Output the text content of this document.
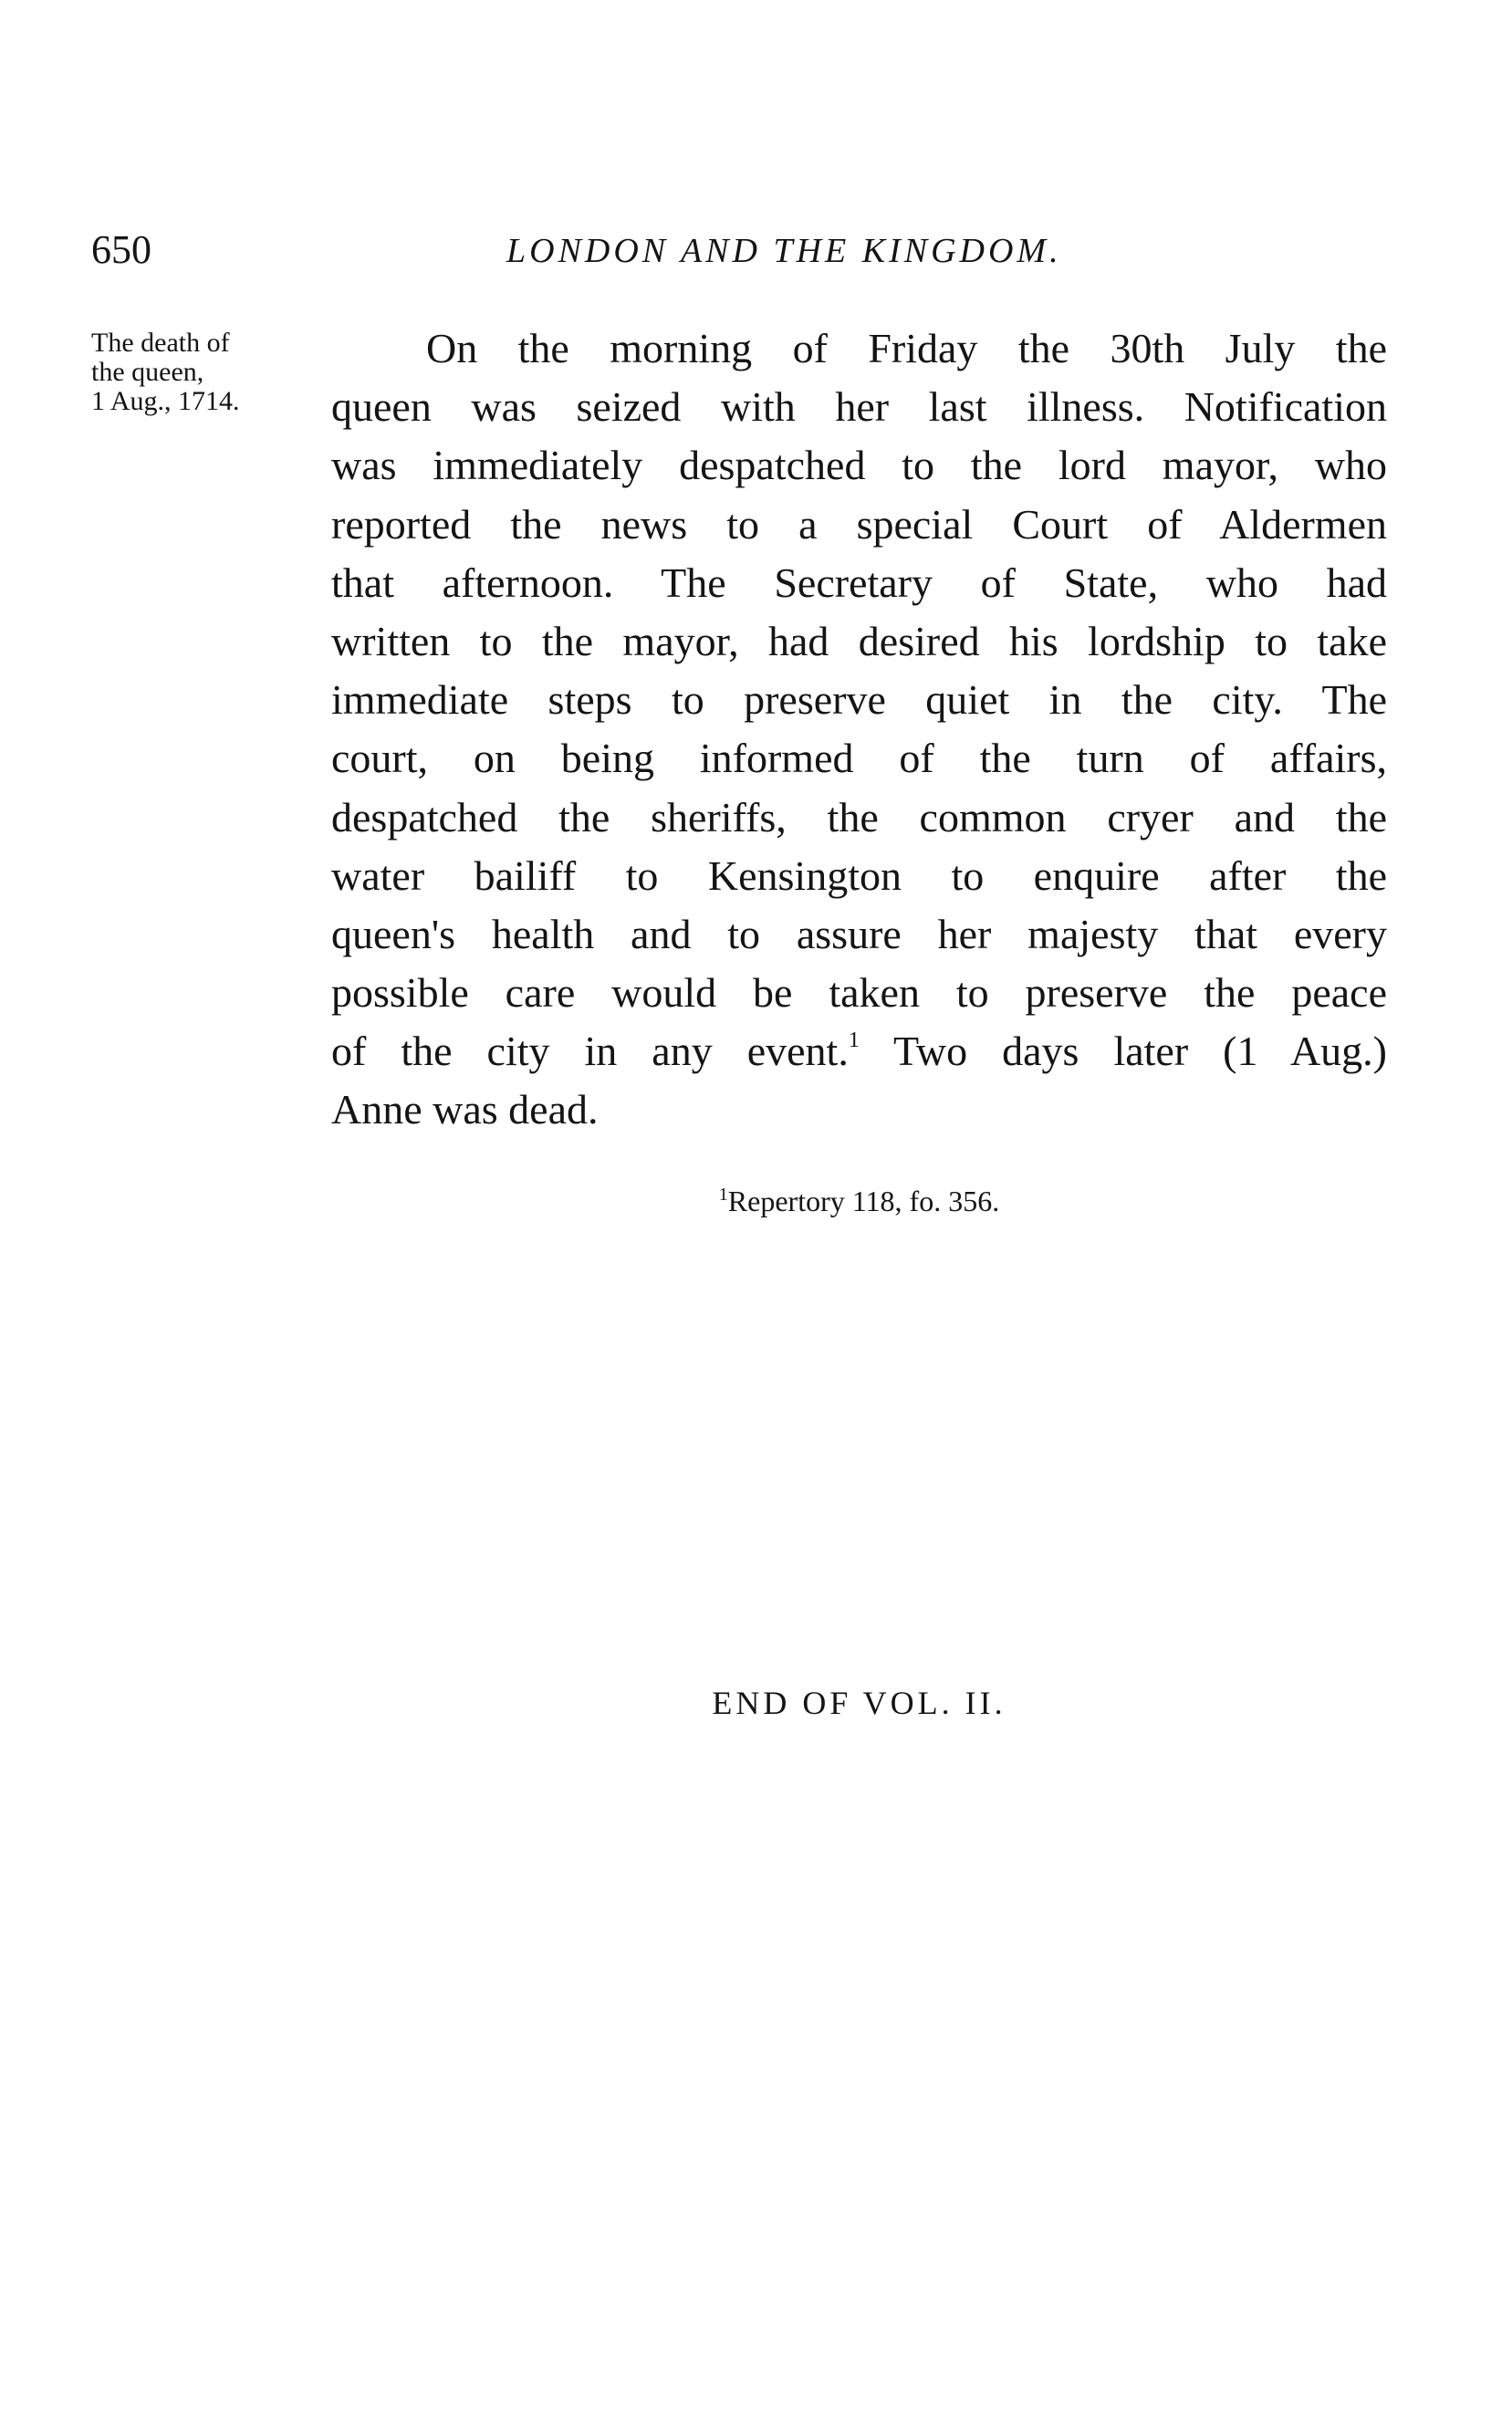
650	LONDON AND THE KINGDOM.
The death of
the queen,
1 Aug., 1714.
On the morning of Friday the 30th July the
queen was seized with her last illness. Notification
was immediately despatched to the lord mayor, who
reported the news to a special Court of Aldermen
that afternoon. The Secretary of State, who had
written to the mayor, had desired his lordship to take
immediate steps to preserve quiet in the city. The
court, on being informed of the turn of affairs,
despatched the sheriffs, the common cryer and the
water bailiff to Kensington to enquire after the
queen's health and to assure her majesty that every
possible care would be taken to preserve the peace
of the city in any event.$^1$ Two days later (1 Aug.)
Anne was dead.
$^1$Repertory 118, fo. 356.
END OF VOL. II.
